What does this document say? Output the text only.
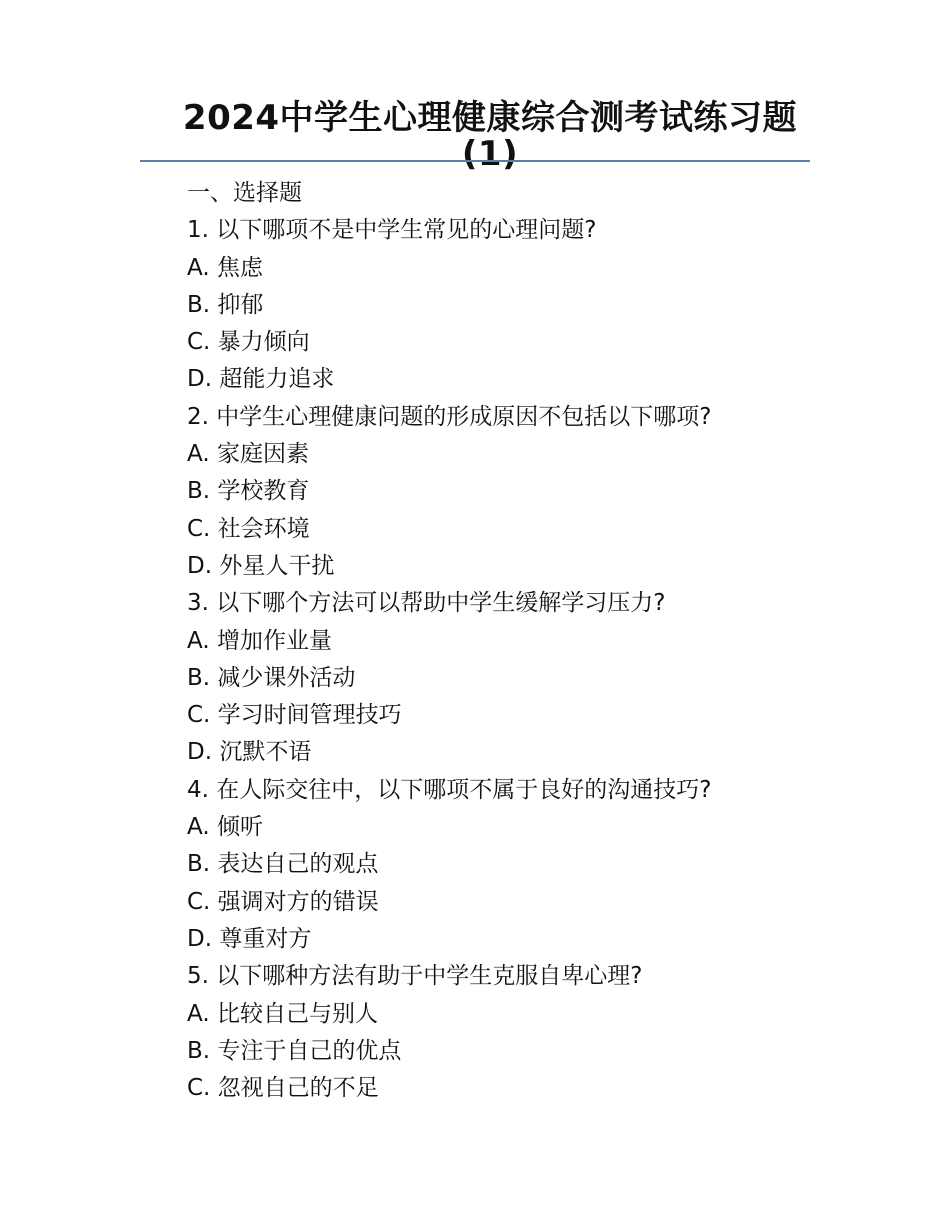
2024中学生心理健康综合测考试练习题(1)

一、选择题

1. 以下哪项不是中学生常见的心理问题?

A. 焦虑

B. 抑郁

C. 暴力倾向

D. 超能力追求

2. 中学生心理健康问题的形成原因不包括以下哪项?

A. 家庭因素

B. 学校教育

C. 社会环境

D. 外星人干扰

3. 以下哪个方法可以帮助中学生缓解学习压力?

A. 增加作业量

B. 减少课外活动

C. 学习时间管理技巧

D. 沉默不语

4. 在人际交往中，以下哪项不属于良好的沟通技巧?

A. 倾听

B. 表达自己的观点

C. 强调对方的错误

D. 尊重对方

5. 以下哪种方法有助于中学生克服自卑心理?

A. 比较自己与别人

B. 专注于自己的优点

C. 忽视自己的不足
